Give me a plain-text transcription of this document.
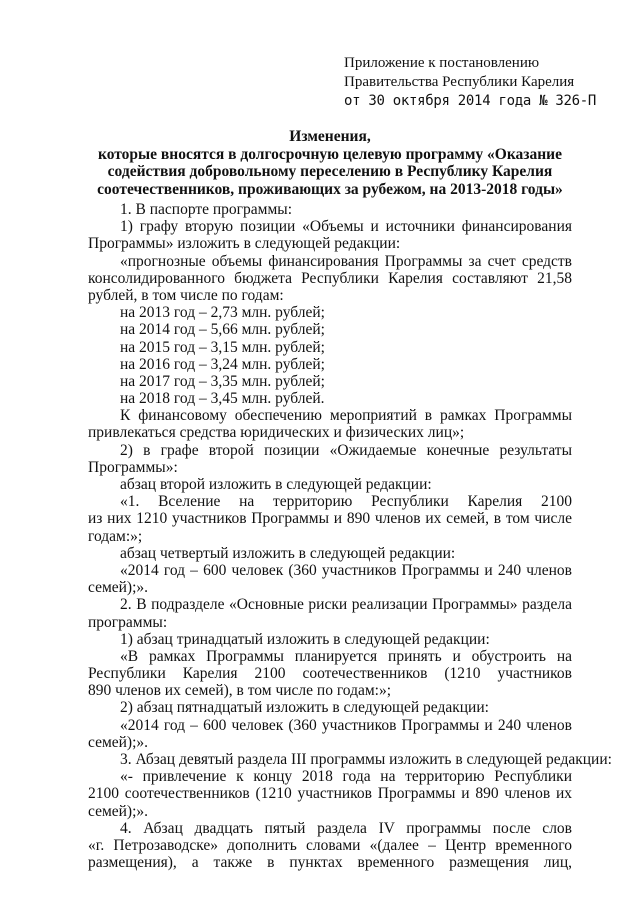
Приложение к постановлению
Правительства Республики Карелия
от 30 октября 2014 года № 326-П
Изменения,
которые вносятся в долгосрочную целевую программу «Оказание
содействия добровольному переселению в Республику Карелия
соотечественников, проживающих за рубежом, на 2013-2018 годы»
1. В паспорте программы:
1) графу вторую позиции «Объемы и источники финансирования
Программы» изложить в следующей редакции:
«прогнозные объемы финансирования Программы за счет средств
консолидированного бюджета Республики Карелия составляют 21,58
рублей, в том числе по годам:
на 2013 год – 2,73 млн. рублей;
на 2014 год – 5,66 млн. рублей;
на 2015 год – 3,15 млн. рублей;
на 2016 год – 3,24 млн. рублей;
на 2017 год – 3,35 млн. рублей;
на 2018 год – 3,45 млн. рублей.
К финансовому обеспечению мероприятий в рамках Программы
привлекаться средства юридических и физических лиц»;
2) в графе второй позиции «Ожидаемые конечные результаты
Программы»:
абзац второй изложить в следующей редакции:
«1. Вселение на территорию Республики Карелия 2100
из них 1210 участников Программы и 890 членов их семей, в том числе
годам:»;
абзац четвертый изложить в следующей редакции:
«2014 год – 600 человек (360 участников Программы и 240 членов
семей);».
2. В подразделе «Основные риски реализации Программы» раздела
программы:
1) абзац тринадцатый изложить в следующей редакции:
«В рамках Программы планируется принять и обустроить на
Республики Карелия 2100 соотечественников (1210 участников
890 членов их семей), в том числе по годам:»;
2) абзац пятнадцатый изложить в следующей редакции:
«2014 год – 600 человек (360 участников Программы и 240 членов
семей);».
3. Абзац девятый раздела III программы изложить в следующей редакции:
«- привлечение к концу 2018 года на территорию Республики
2100 соотечественников (1210 участников Программы и 890 членов их
семей);».
4. Абзац двадцать пятый раздела IV программы после слов
«г. Петрозаводске» дополнить словами «(далее – Центр временного
размещения), а также в пунктах временного размещения лиц,
